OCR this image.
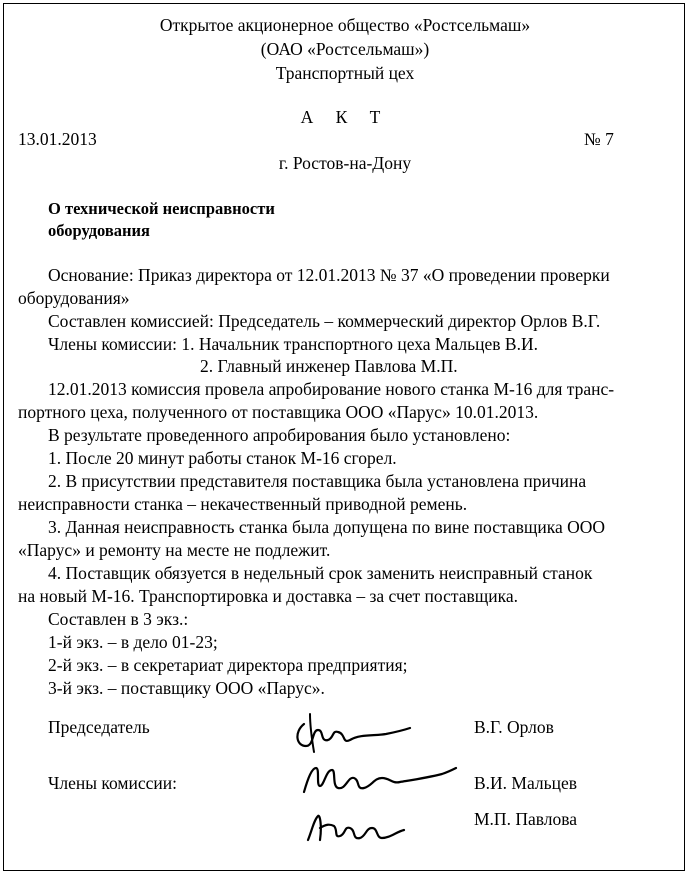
Открытое акционерное общество «Ростсельмаш»
(ОАО «Ростсельмаш»)
Транспортный цех
А К Т
13.01.2013	№ 7
г. Ростов-на-Дону
О технической неисправности
оборудования
Основание: Приказ директора от 12.01.2013 № 37 «О проведении проверки
оборудования»
Составлен комиссией: Председатель – коммерческий директор Орлов В.Г.
Члены комиссии: 1. Начальник транспортного цеха Мальцев В.И.
2. Главный инженер Павлова М.П.
12.01.2013 комиссия провела апробирование нового станка М-16 для транс-
портного цеха, полученного от поставщика ООО «Парус» 10.01.2013.
В результате проведенного апробирования было установлено:
1. После 20 минут работы станок М-16 сгорел.
2. В присутствии представителя поставщика была установлена причина
неисправности станка – некачественный приводной ремень.
3. Данная неисправность станка была допущена по вине поставщика ООО
«Парус» и ремонту на месте не подлежит.
4. Поставщик обязуется в недельный срок заменить неисправный станок
на новый М-16. Транспортировка и доставка – за счет поставщика.
Составлен в 3 экз.:
1-й экз. – в дело 01-23;
2-й экз. – в секретариат директора предприятия;
3-й экз. – поставщику ООО «Парус».
Председатель	В.Г. Орлов
Члены комиссии:	В.И. Мальцев
М.П. Павлова
